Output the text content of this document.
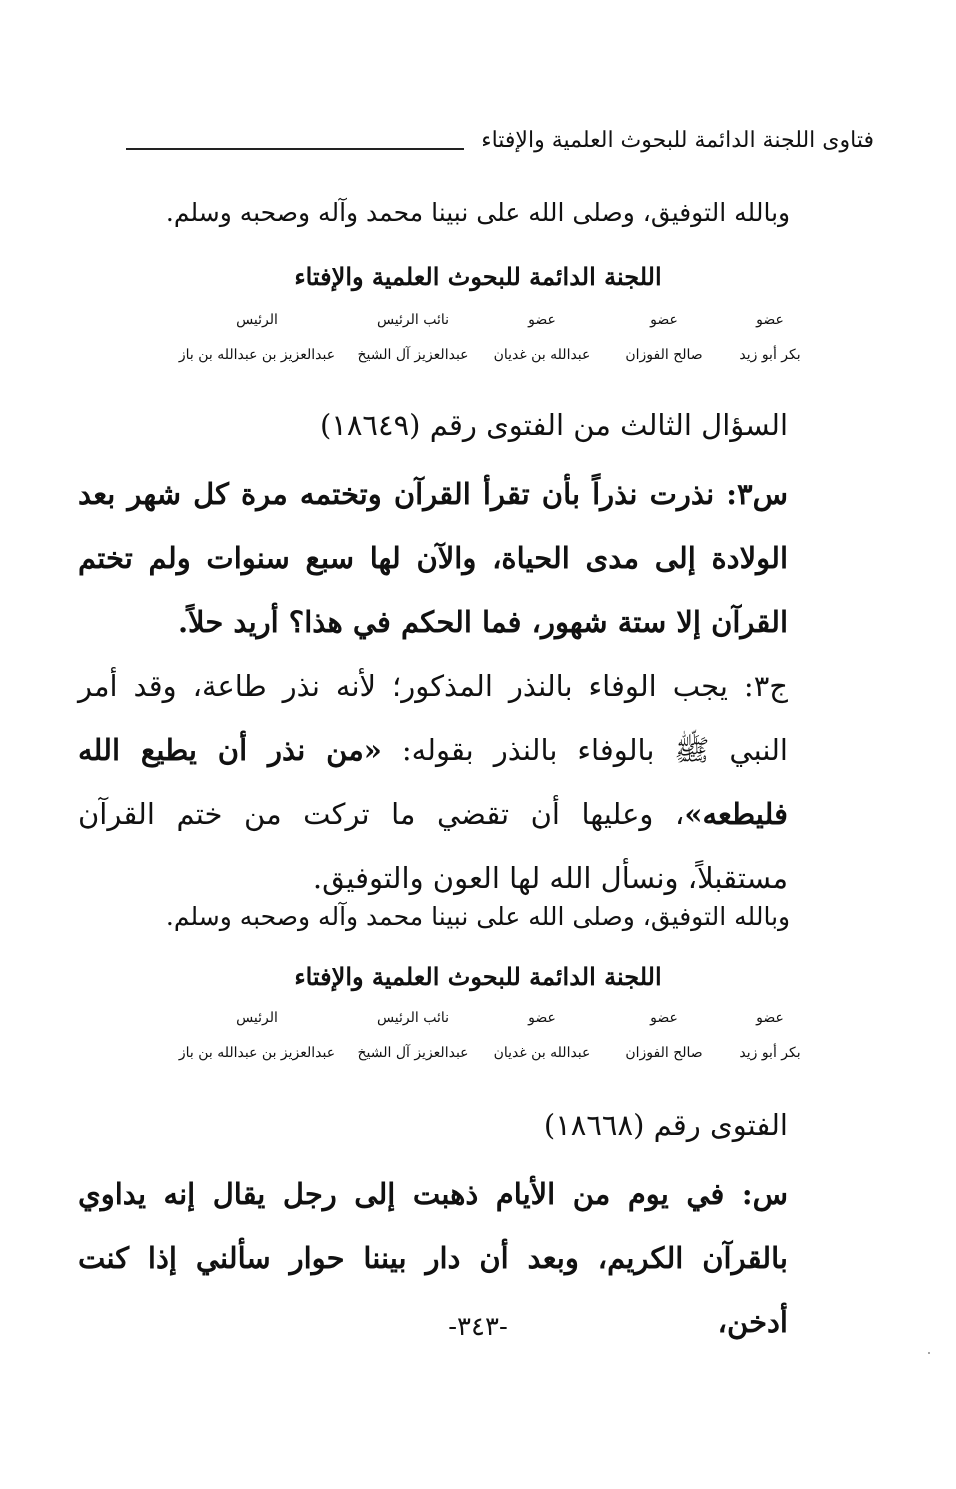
فتاوى اللجنة الدائمة للبحوث العلمية والإفتاء
وبالله التوفيق، وصلى الله على نبينا محمد وآله وصحبه وسلم.
اللجنة الدائمة للبحوث العلمية والإفتاء
عضو
عضو
عضو
نائب الرئيس
الرئيس
بكر أبو زيد
صالح الفوزان
عبدالله بن غديان
عبدالعزيز آل الشيخ
عبدالعزيز بن عبدالله بن باز
السؤال الثالث من الفتوى رقم (١٨٦٤٩)
س٣: نذرت نذراً بأن تقرأ القرآن وتختمه مرة كل شهر بعد الولادة إلى مدى الحياة، والآن لها سبع سنوات ولم تختم القرآن إلا ستة شهور، فما الحكم في هذا؟ أريد حلاً.
ج٣: يجب الوفاء بالنذر المذكور؛ لأنه نذر طاعة، وقد أمر النبي ﷺ بالوفاء بالنذر بقوله: «من نذر أن يطيع الله فليطعه»، وعليها أن تقضي ما تركت من ختم القرآن مستقبلاً، ونسأل الله لها العون والتوفيق.
وبالله التوفيق، وصلى الله على نبينا محمد وآله وصحبه وسلم.
اللجنة الدائمة للبحوث العلمية والإفتاء
عضو
عضو
عضو
نائب الرئيس
الرئيس
بكر أبو زيد
صالح الفوزان
عبدالله بن غديان
عبدالعزيز آل الشيخ
عبدالعزيز بن عبدالله بن باز
الفتوى رقم (١٨٦٦٨)
س: في يوم من الأيام ذهبت إلى رجل يقال إنه يداوي بالقرآن الكريم، وبعد أن دار بيننا حوار سألني إذا كنت أدخن،
-٣٤٣-
